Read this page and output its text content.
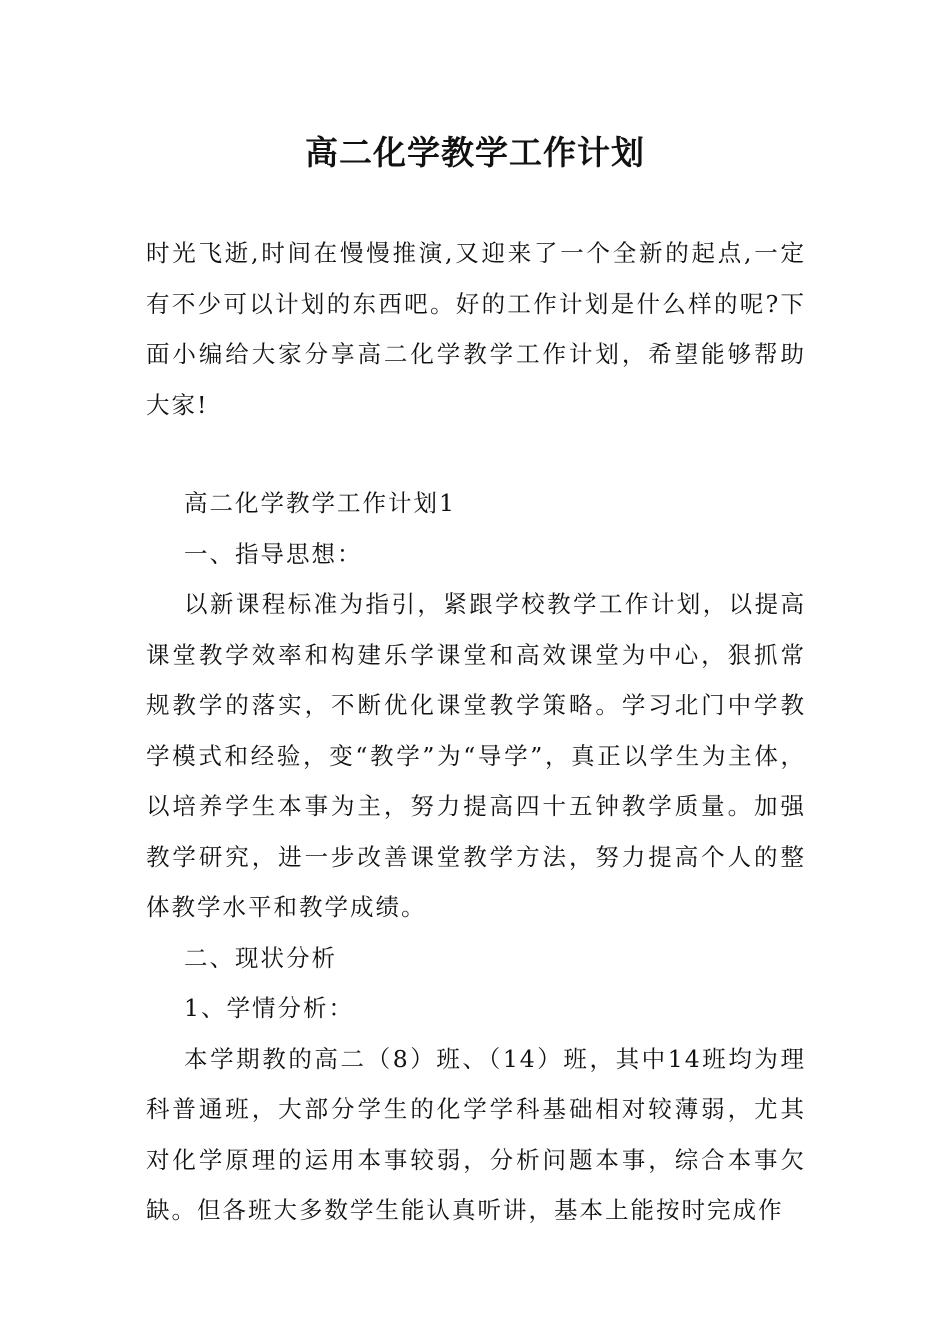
高二化学教学工作计划

时光飞逝,时间在慢慢推演,又迎来了一个全新的起点,一定有不少可以计划的东西吧。好的工作计划是什么样的呢?下面小编给大家分享高二化学教学工作计划，希望能够帮助大家!

高二化学教学工作计划1

一、指导思想：

以新课程标准为指引，紧跟学校教学工作计划，以提高课堂教学效率和构建乐学课堂和高效课堂为中心，狠抓常规教学的落实，不断优化课堂教学策略。学习北门中学教学模式和经验，变“教学”为“导学”，真正以学生为主体，以培养学生本事为主，努力提高四十五钟教学质量。加强教学研究，进一步改善课堂教学方法，努力提高个人的整体教学水平和教学成绩。

二、现状分析

1、学情分析：

本学期教的高二（8）班、（14）班，其中14班均为理科普通班，大部分学生的化学学科基础相对较薄弱，尤其对化学原理的运用本事较弱，分析问题本事，综合本事欠缺。但各班大多数学生能认真听讲，基本上能按时完成作
